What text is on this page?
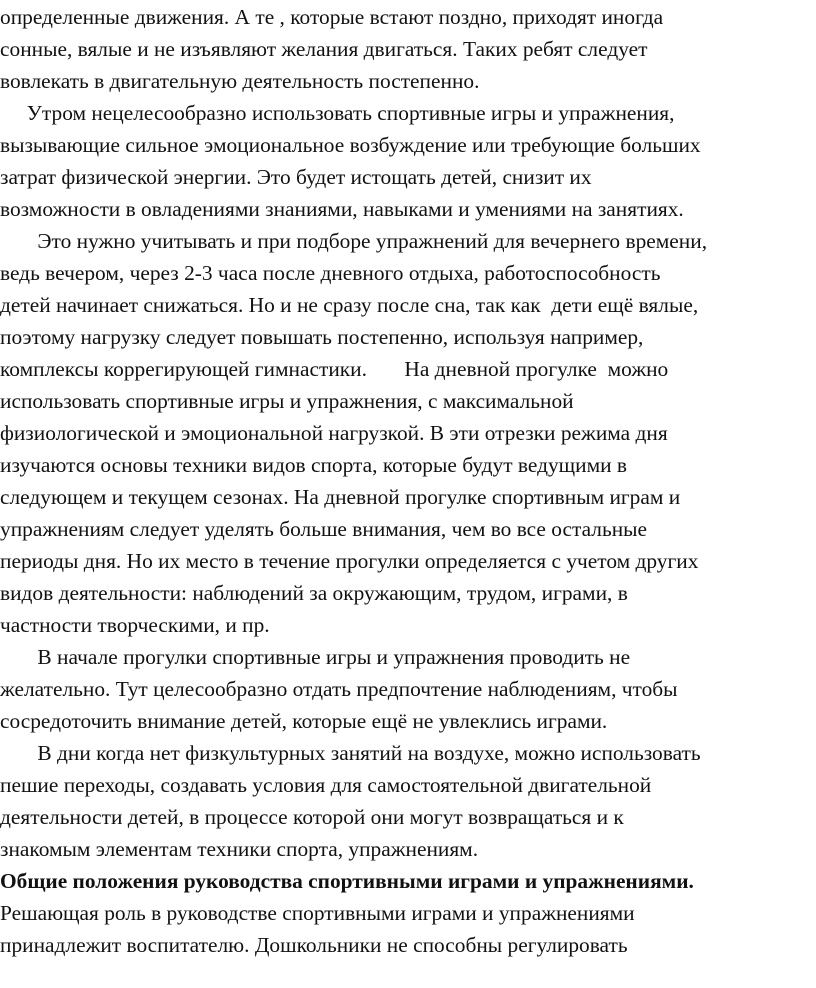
определенные движения. А те , которые встают поздно, приходят иногда
сонные, вялые и не изъявляют желания двигаться. Таких ребят следует
вовлекать в двигательную деятельность постепенно.
Утром нецелесообразно использовать спортивные игры и упражнения,
вызывающие сильное эмоциональное возбуждение или требующие больших
затрат физической энергии. Это будет истощать детей, снизит их
возможности в овладениями знаниями, навыками и умениями на занятиях.
Это нужно учитывать и при подборе упражнений для вечернего времени,
ведь вечером, через 2-3 часа после дневного отдыха, работоспособность
детей начинает снижаться. Но и не сразу после сна, так как  дети ещё вялые,
поэтому нагрузку следует повышать постепенно, используя например,
комплексы коррегирующей гимнастики.       На дневной прогулке  можно
использовать спортивные игры и упражнения, с максимальной
физиологической и эмоциональной нагрузкой. В эти отрезки режима дня
изучаются основы техники видов спорта, которые будут ведущими в
следующем и текущем сезонах. На дневной прогулке спортивным играм и
упражнениям следует уделять больше внимания, чем во все остальные
периоды дня. Но их место в течение прогулки определяется с учетом других
видов деятельности: наблюдений за окружающим, трудом, играми, в
частности творческими, и пр.
В начале прогулки спортивные игры и упражнения проводить не
желательно. Тут целесообразно отдать предпочтение наблюдениям, чтобы
сосредоточить внимание детей, которые ещё не увлеклись играми.
В дни когда нет физкультурных занятий на воздухе, можно использовать
пешие переходы, создавать условия для самостоятельной двигательной
деятельности детей, в процессе которой они могут возвращаться и к
знакомым элементам техники спорта, упражнениям.
Общие положения руководства спортивными играми и упражнениями.
Решающая роль в руководстве спортивными играми и упражнениями
принадлежит воспитателю. Дошкольники не способны регулировать
